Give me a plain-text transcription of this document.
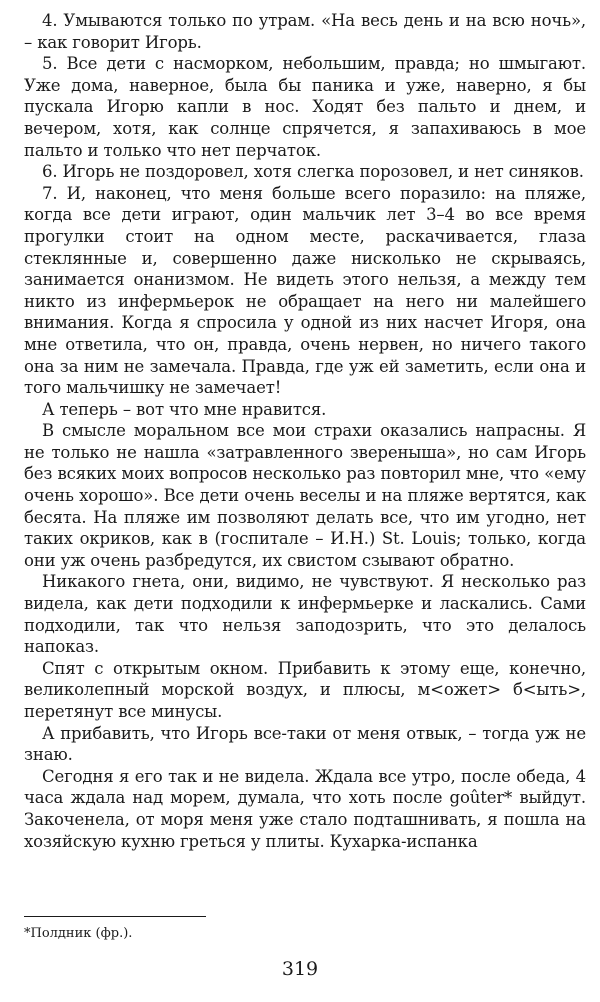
4. Умываются только по утрам. «На весь день и на всю ночь», – как говорит Игорь.

5. Все дети с насморком, небольшим, правда; но шмыгают. Уже дома, наверное, была бы паника и уже, наверно, я бы пускала Игорю капли в нос. Ходят без пальто и днем, и вечером, хотя, как солнце спрячется, я запахиваюсь в мое пальто и только что нет перчаток.

6. Игорь не поздоровел, хотя слегка порозовел, и нет синяков.

7. И, наконец, что меня больше всего поразило: на пляже, когда все дети играют, один мальчик лет 3–4 во все время прогулки стоит на одном месте, раскачивается, глаза стеклянные и, совершенно даже нисколько не скрываясь, занимается онанизмом. Не видеть этого нельзя, а между тем никто из инфермьерок не обращает на него ни малейшего внимания. Когда я спросила у одной из них насчет Игоря, она мне ответила, что он, правда, очень нервен, но ничего такого она за ним не замечала. Правда, где уж ей заметить, если она и того мальчишку не замечает!

А теперь – вот что мне нравится.

В смысле моральном все мои страхи оказались напрасны. Я не только не нашла «затравленного звереныша», но сам Игорь без всяких моих вопросов несколько раз повторил мне, что «ему очень хорошо». Все дети очень веселы и на пляже вертятся, как бесята. На пляже им позволяют делать все, что им угодно, нет таких окриков, как в (госпитале – И.Н.) St. Louis; только, когда они уж очень разбредутся, их свистом сзывают обратно.

Никакого гнета, они, видимо, не чувствуют. Я несколько раз видела, как дети подходили к инфермьерке и ласкались. Сами подходили, так что нельзя заподозрить, что это делалось напоказ.

Спят с открытым окном. Прибавить к этому еще, конечно, великолепный морской воздух, и плюсы, м<ожет> б<ыть>, перетянут все минусы.

А прибавить, что Игорь все-таки от меня отвык, – тогда уж не знаю.

Сегодня я его так и не видела. Ждала все утро, после обеда, 4 часа ждала над морем, думала, что хоть после goûter* выйдут. Закоченела, от моря меня уже стало подташнивать, я пошла на хозяйскую кухню греться у плиты. Кухарка-испанка

*Полдник (фр.).

319
